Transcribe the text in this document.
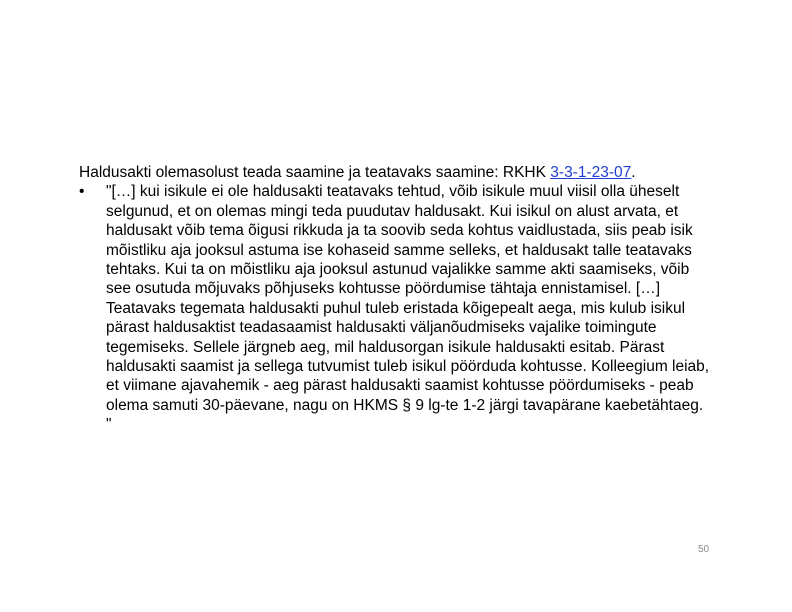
Haldusakti olemasolust teada saamine ja teatavaks saamine: RKHK 3-3-1-23-07.

• "[…] kui isikule ei ole haldusakti teatavaks tehtud, võib isikule muul viisil olla üheselt selgunud, et on olemas mingi teda puudutav haldusakt. Kui isikul on alust arvata, et haldusakt võib tema õigusi rikkuda ja ta soovib seda kohtus vaidlustada, siis peab isik mõistliku aja jooksul astuma ise kohaseid samme selleks, et haldusakt talle teatavaks tehtaks. Kui ta on mõistliku aja jooksul astunud vajalikke samme akti saamiseks, võib see osutuda mõjuvaks põhjuseks kohtusse pöördumise tähtaja ennistamisel. […] Teatavaks tegemata haldusakti puhul tuleb eristada kõigepealt aega, mis kulub isikul pärast haldusaktist teadasaamist haldusakti väljanõudmiseks vajalike toimingute tegemiseks. Sellele järgneb aeg, mil haldusorgan isikule haldusakti esitab. Pärast haldusakti saamist ja sellega tutvumist tuleb isikul pöörduda kohtusse. Kolleegium leiab, et viimane ajavahemik - aeg pärast haldusakti saamist kohtusse pöördumiseks - peab olema samuti 30-päevane, nagu on HKMS § 9 lg-te 1-2 järgi tavapärane kaebetähtaeg. "
50
